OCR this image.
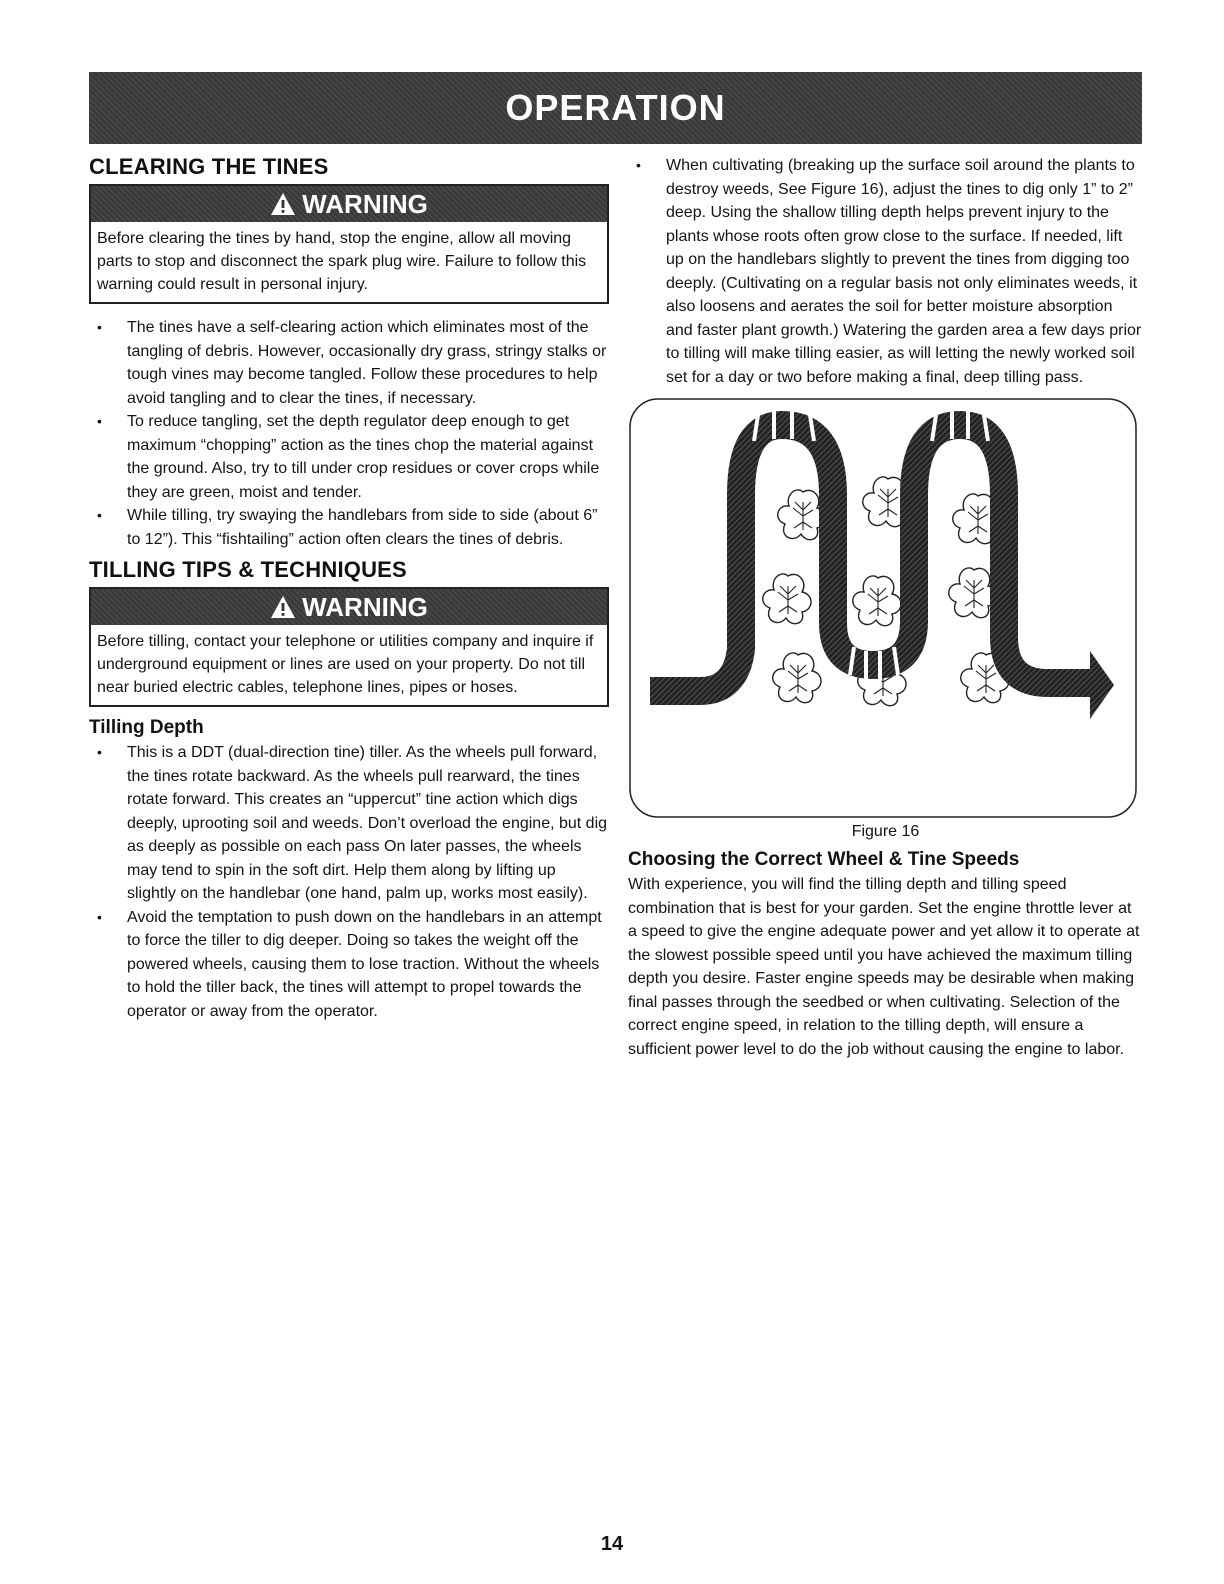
OPERATION
CLEARING THE TINES
WARNING
Before clearing the tines by hand, stop the engine, allow all moving parts to stop and disconnect the spark plug wire. Failure to follow this warning could result in personal injury.
• The tines have a self-clearing action which eliminates most of the tangling of debris. However, occasionally dry grass, stringy stalks or tough vines may become tangled. Follow these procedures to help avoid tangling and to clear the tines, if necessary.
• To reduce tangling, set the depth regulator deep enough to get maximum “chopping” action as the tines chop the material against the ground. Also, try to till under crop residues or cover crops while they are green, moist and tender.
• While tilling, try swaying the handlebars from side to side (about 6” to 12”). This “fishtailing” action often clears the tines of debris.
TILLING TIPS & TECHNIQUES
WARNING
Before tilling, contact your telephone or utilities company and inquire if underground equipment or lines are used on your property. Do not till near buried electric cables, telephone lines, pipes or hoses.
Tilling Depth
• This is a DDT (dual-direction tine) tiller. As the wheels pull forward, the tines rotate backward. As the wheels pull rearward, the tines rotate forward. This creates an “uppercut” tine action which digs deeply, uprooting soil and weeds. Don’t overload the engine, but dig as deeply as possible on each pass On later passes, the wheels may tend to spin in the soft dirt. Help them along by lifting up slightly on the handlebar (one hand, palm up, works most easily).
• Avoid the temptation to push down on the handlebars in an attempt to force the tiller to dig deeper. Doing so takes the weight off the powered wheels, causing them to lose traction. Without the wheels to hold the tiller back, the tines will attempt to propel towards the operator or away from the operator.
• When cultivating (breaking up the surface soil around the plants to destroy weeds, See Figure 16), adjust the tines to dig only 1” to 2” deep. Using the shallow tilling depth helps prevent injury to the plants whose roots often grow close to the surface. If needed, lift up on the handlebars slightly to prevent the tines from digging too deeply. (Cultivating on a regular basis not only eliminates weeds, it also loosens and aerates the soil for better moisture absorption and faster plant growth.) Watering the garden area a few days prior to tilling will make tilling easier, as will letting the newly worked soil set for a day or two before making a final, deep tilling pass.
Figure 16
Choosing the Correct Wheel & Tine Speeds
With experience, you will find the tilling depth and tilling speed combination that is best for your garden. Set the engine throttle lever at a speed to give the engine adequate power and yet allow it to operate at the slowest possible speed until you have achieved the maximum tilling depth you desire. Faster engine speeds may be desirable when making final passes through the seedbed or when cultivating. Selection of the correct engine speed, in relation to the tilling depth, will ensure a sufficient power level to do the job without causing the engine to labor.
14
